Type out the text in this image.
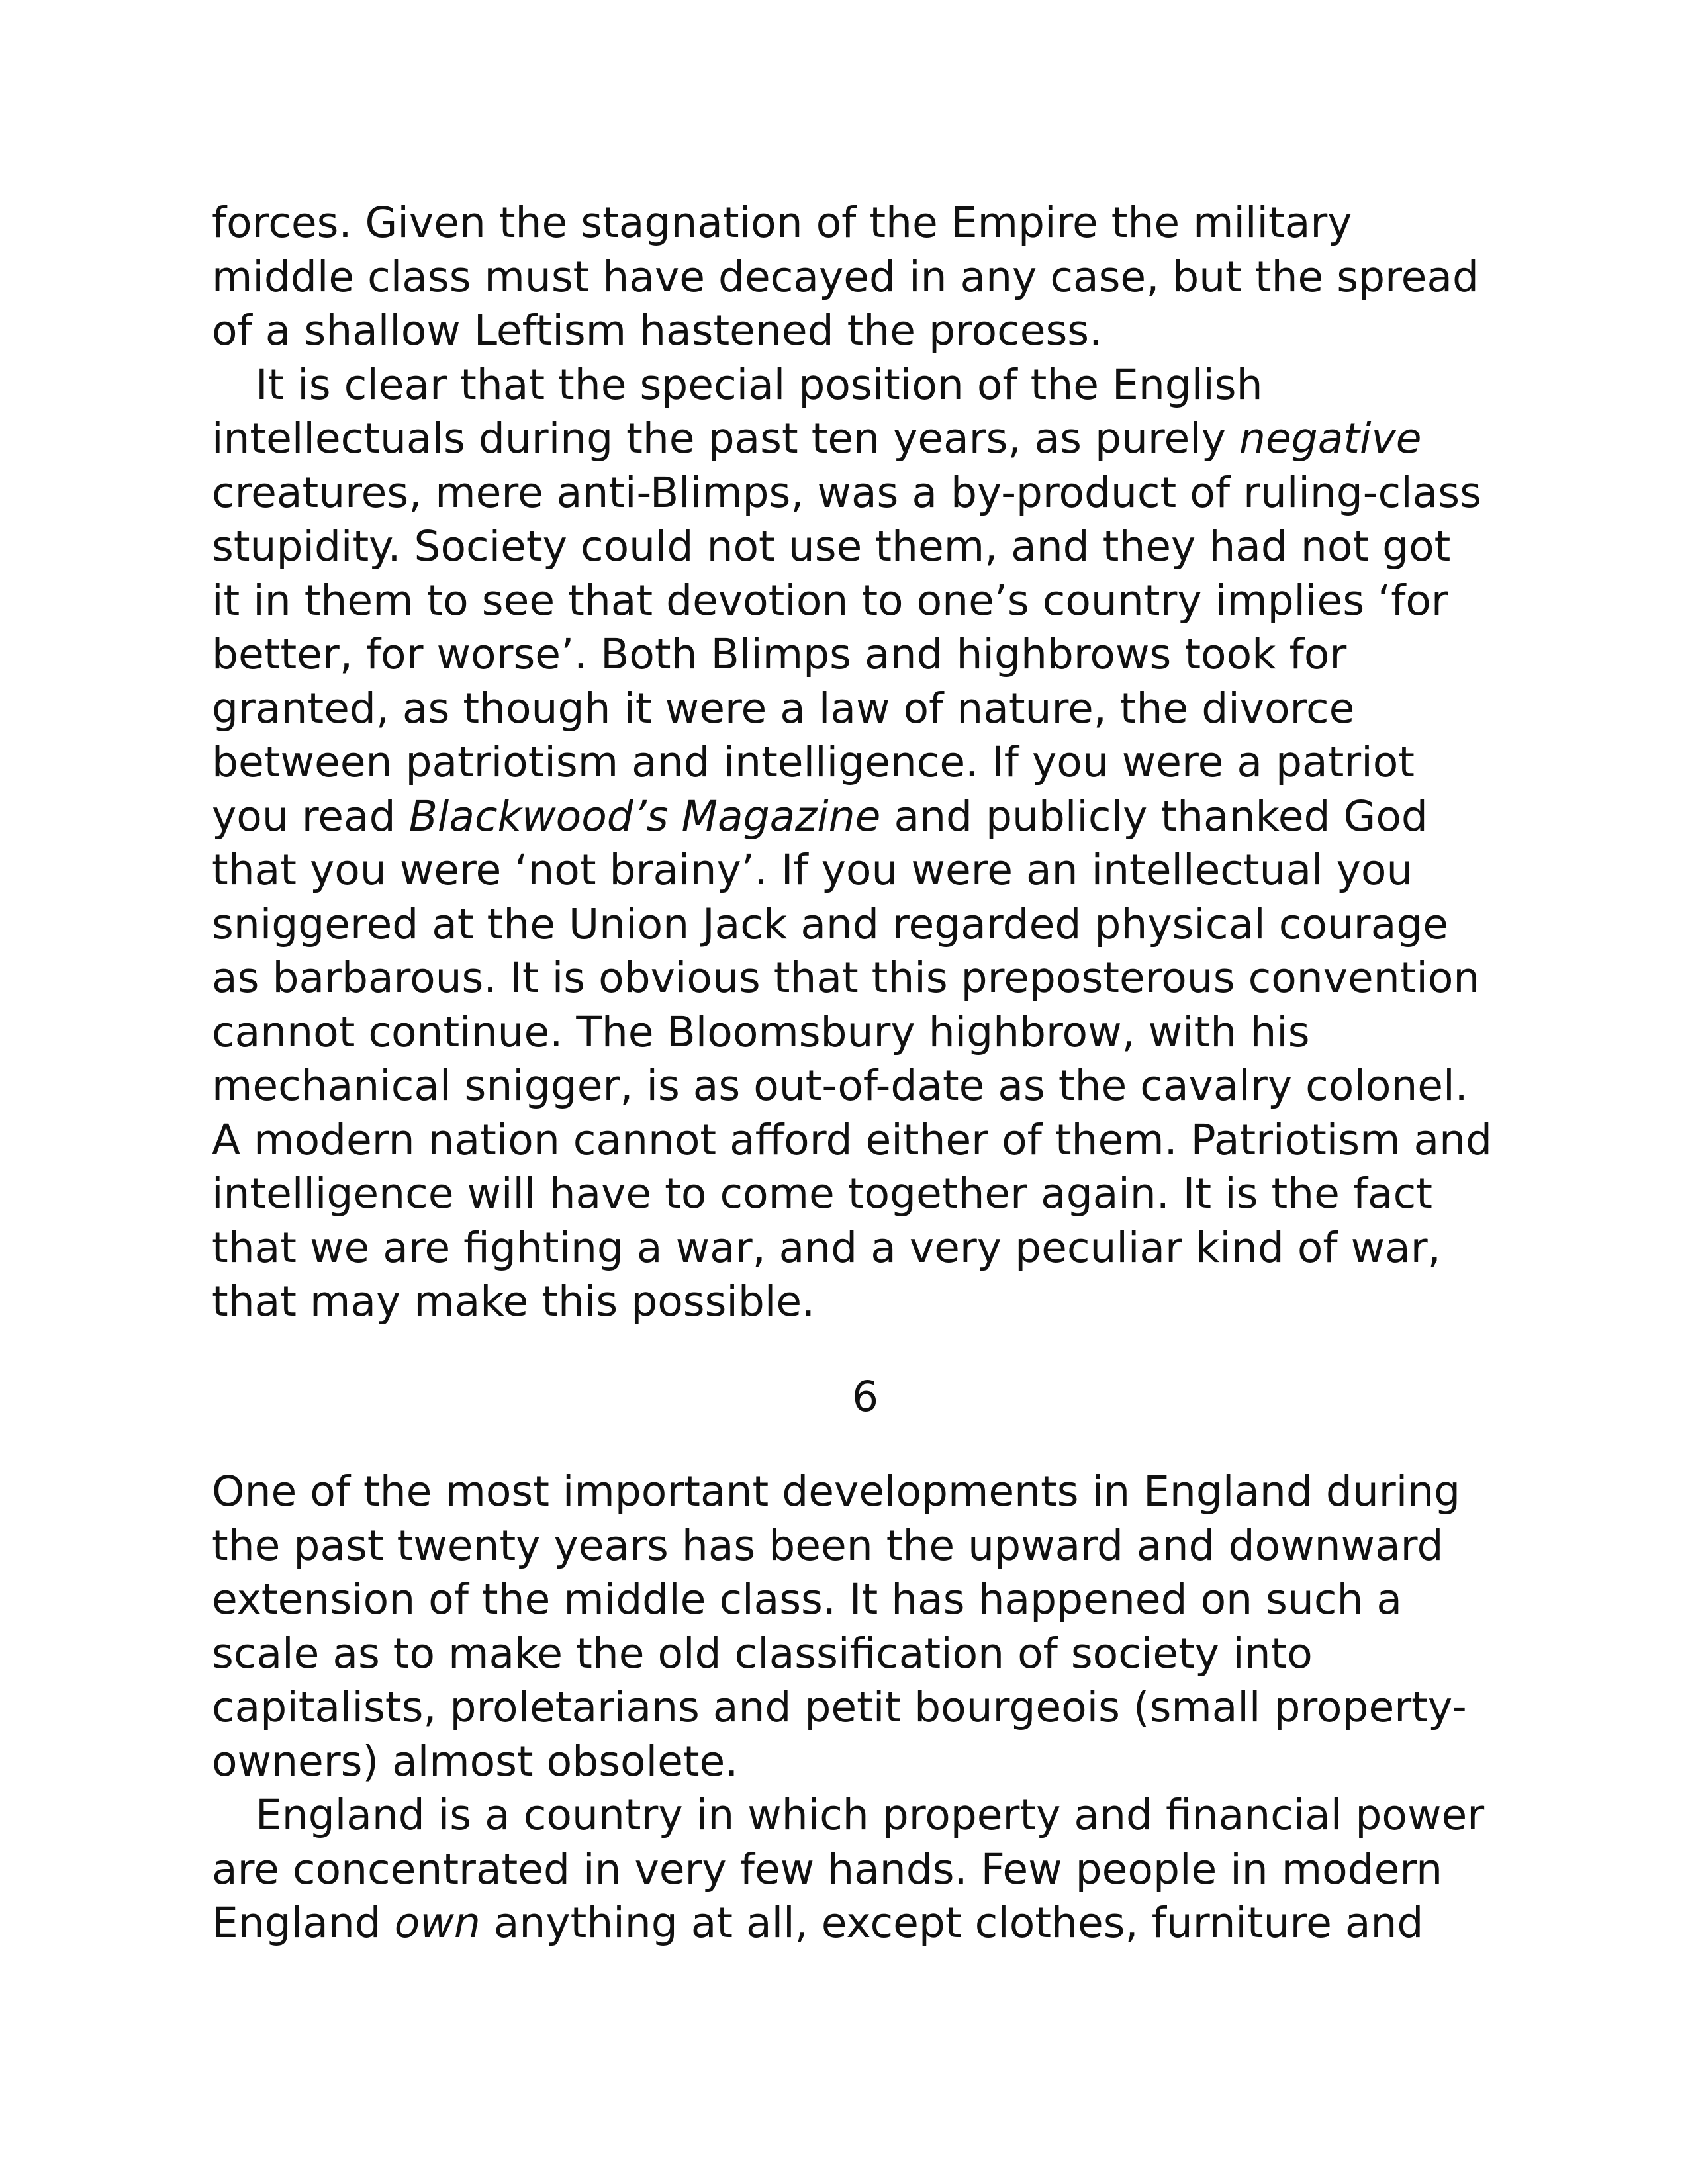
forces. Given the stagnation of the Empire the military
middle class must have decayed in any case, but the spread
of a shallow Leftism hastened the process.

It is clear that the special position of the English
intellectuals during the past ten years, as purely negative
creatures, mere anti-Blimps, was a by-product of ruling-class
stupidity. Society could not use them, and they had not got
it in them to see that devotion to one’s country implies ‘for
better, for worse’. Both Blimps and highbrows took for
granted, as though it were a law of nature, the divorce
between patriotism and intelligence. If you were a patriot
you read Blackwood’s Magazine and publicly thanked God
that you were ‘not brainy’. If you were an intellectual you
sniggered at the Union Jack and regarded physical courage
as barbarous. It is obvious that this preposterous convention
cannot continue. The Bloomsbury highbrow, with his
mechanical snigger, is as out-of-date as the cavalry colonel.
A modern nation cannot afford either of them. Patriotism and
intelligence will have to come together again. It is the fact
that we are fighting a war, and a very peculiar kind of war,
that may make this possible.

6

One of the most important developments in England during
the past twenty years has been the upward and downward
extension of the middle class. It has happened on such a
scale as to make the old classification of society into
capitalists, proletarians and petit bourgeois (small property-
owners) almost obsolete.

England is a country in which property and financial power
are concentrated in very few hands. Few people in modern
England own anything at all, except clothes, furniture and
